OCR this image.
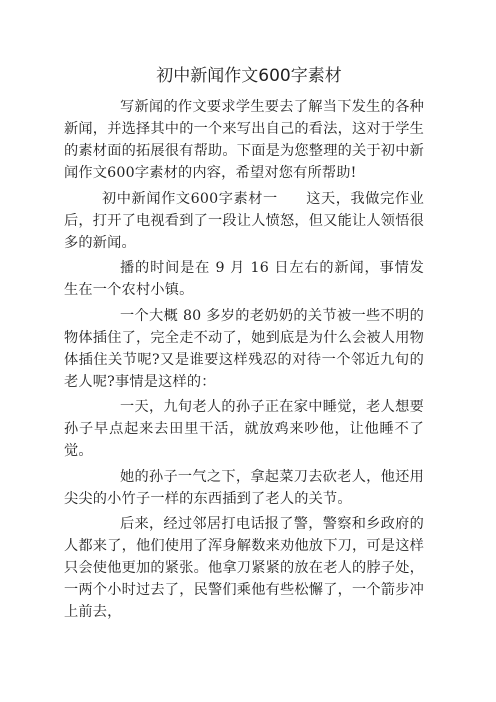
初中新闻作文600字素材

写新闻的作文要求学生要去了解当下发生的各种新闻，并选择其中的一个来写出自己的看法，这对于学生的素材面的拓展很有帮助。下面是为您整理的关于初中新闻作文600字素材的内容，希望对您有所帮助!

初中新闻作文600字素材一 这天，我做完作业后，打开了电视看到了一段让人愤怒，但又能让人领悟很多的新闻。

播的时间是在 9 月 16 日左右的新闻，事情发生在一个农村小镇。

一个大概 80 多岁的老奶奶的关节被一些不明的物体插住了，完全走不动了，她到底是为什么会被人用物体插住关节呢?又是谁要这样残忍的对待一个邻近九旬的老人呢?事情是这样的：

一天，九旬老人的孙子正在家中睡觉，老人想要孙子早点起来去田里干活，就放鸡来吵他，让他睡不了觉。

她的孙子一气之下，拿起菜刀去砍老人，他还用尖尖的小竹子一样的东西插到了老人的关节。

后来，经过邻居打电话报了警，警察和乡政府的人都来了，他们使用了浑身解数来劝他放下刀，可是这样只会使他更加的紧张。他拿刀紧紧的放在老人的脖子处，一两个小时过去了，民警们乘他有些松懈了，一个箭步冲上前去，
